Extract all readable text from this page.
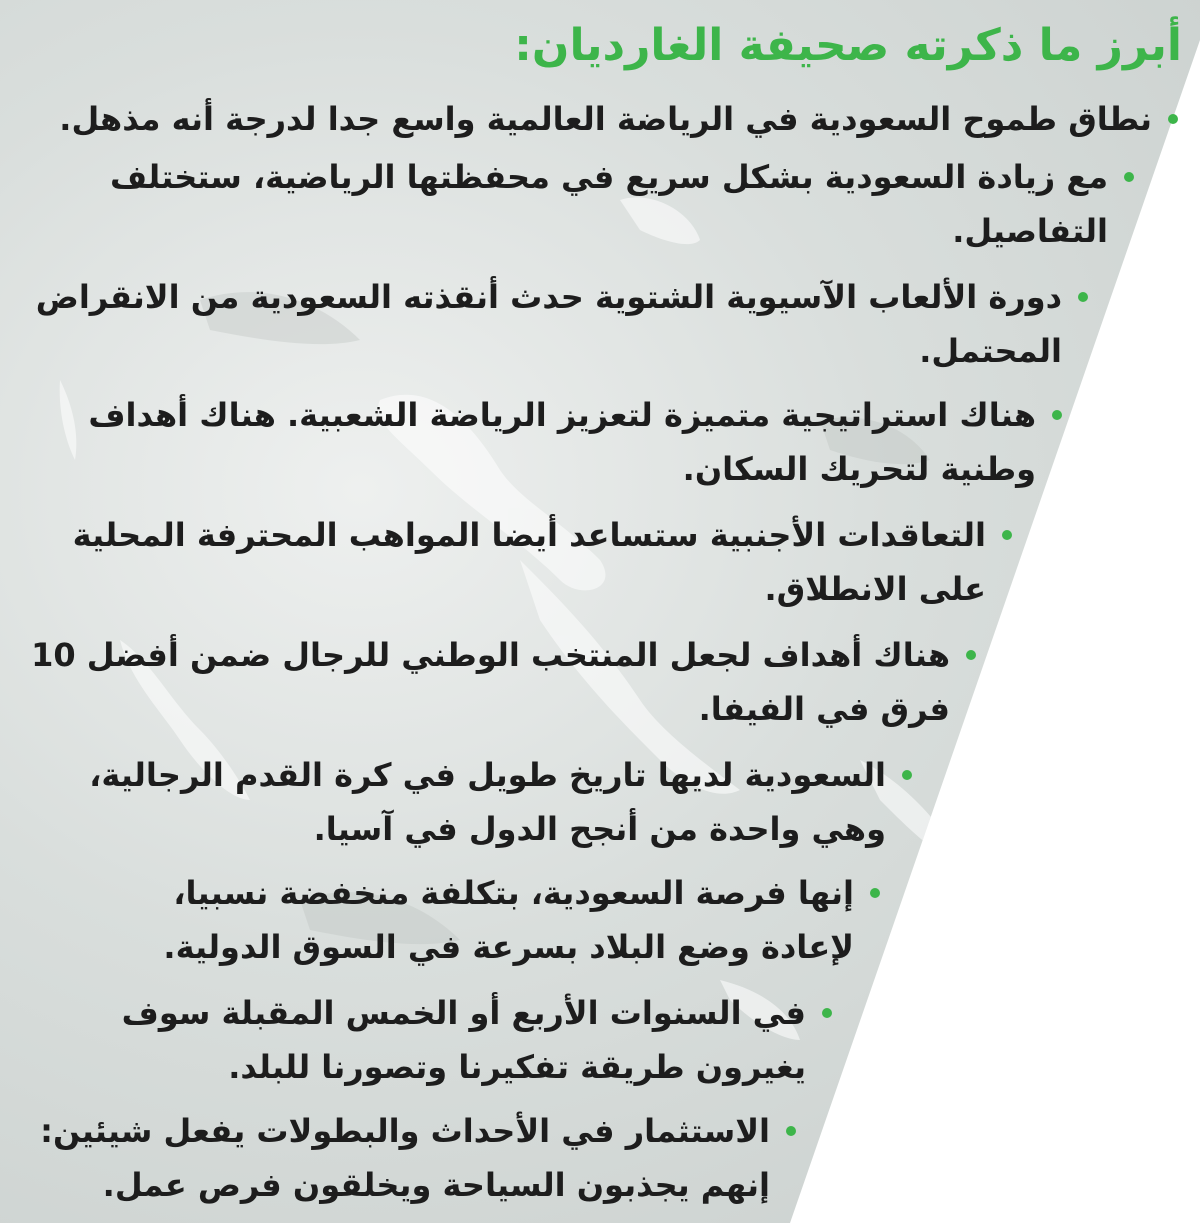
أبرز ما ذكرته صحيفة الغارديان:
نطاق طموح السعودية في الرياضة العالمية واسع جدا لدرجة أنه مذهل.
مع زيادة السعودية بشكل سريع في محفظتها الرياضية، ستختلف
التفاصيل.
دورة الألعاب الآسيوية الشتوية حدث أنقذته السعودية من الانقراض
المحتمل.
هناك استراتيجية متميزة لتعزيز الرياضة الشعبية. هناك أهداف
وطنية لتحريك السكان.
التعاقدات الأجنبية ستساعد أيضا المواهب المحترفة المحلية
على الانطلاق.
هناك أهداف لجعل المنتخب الوطني للرجال ضمن أفضل 10
فرق في الفيفا.
السعودية لديها تاريخ طويل في كرة القدم الرجالية،
وهي واحدة من أنجح الدول في آسيا.
إنها فرصة السعودية، بتكلفة منخفضة نسبيا،
لإعادة وضع البلاد بسرعة في السوق الدولية.
في السنوات الأربع أو الخمس المقبلة سوف
يغيرون طريقة تفكيرنا وتصورنا للبلد.
الاستثمار في الأحداث والبطولات يفعل شيئين:
إنهم يجذبون السياحة ويخلقون فرص عمل.
